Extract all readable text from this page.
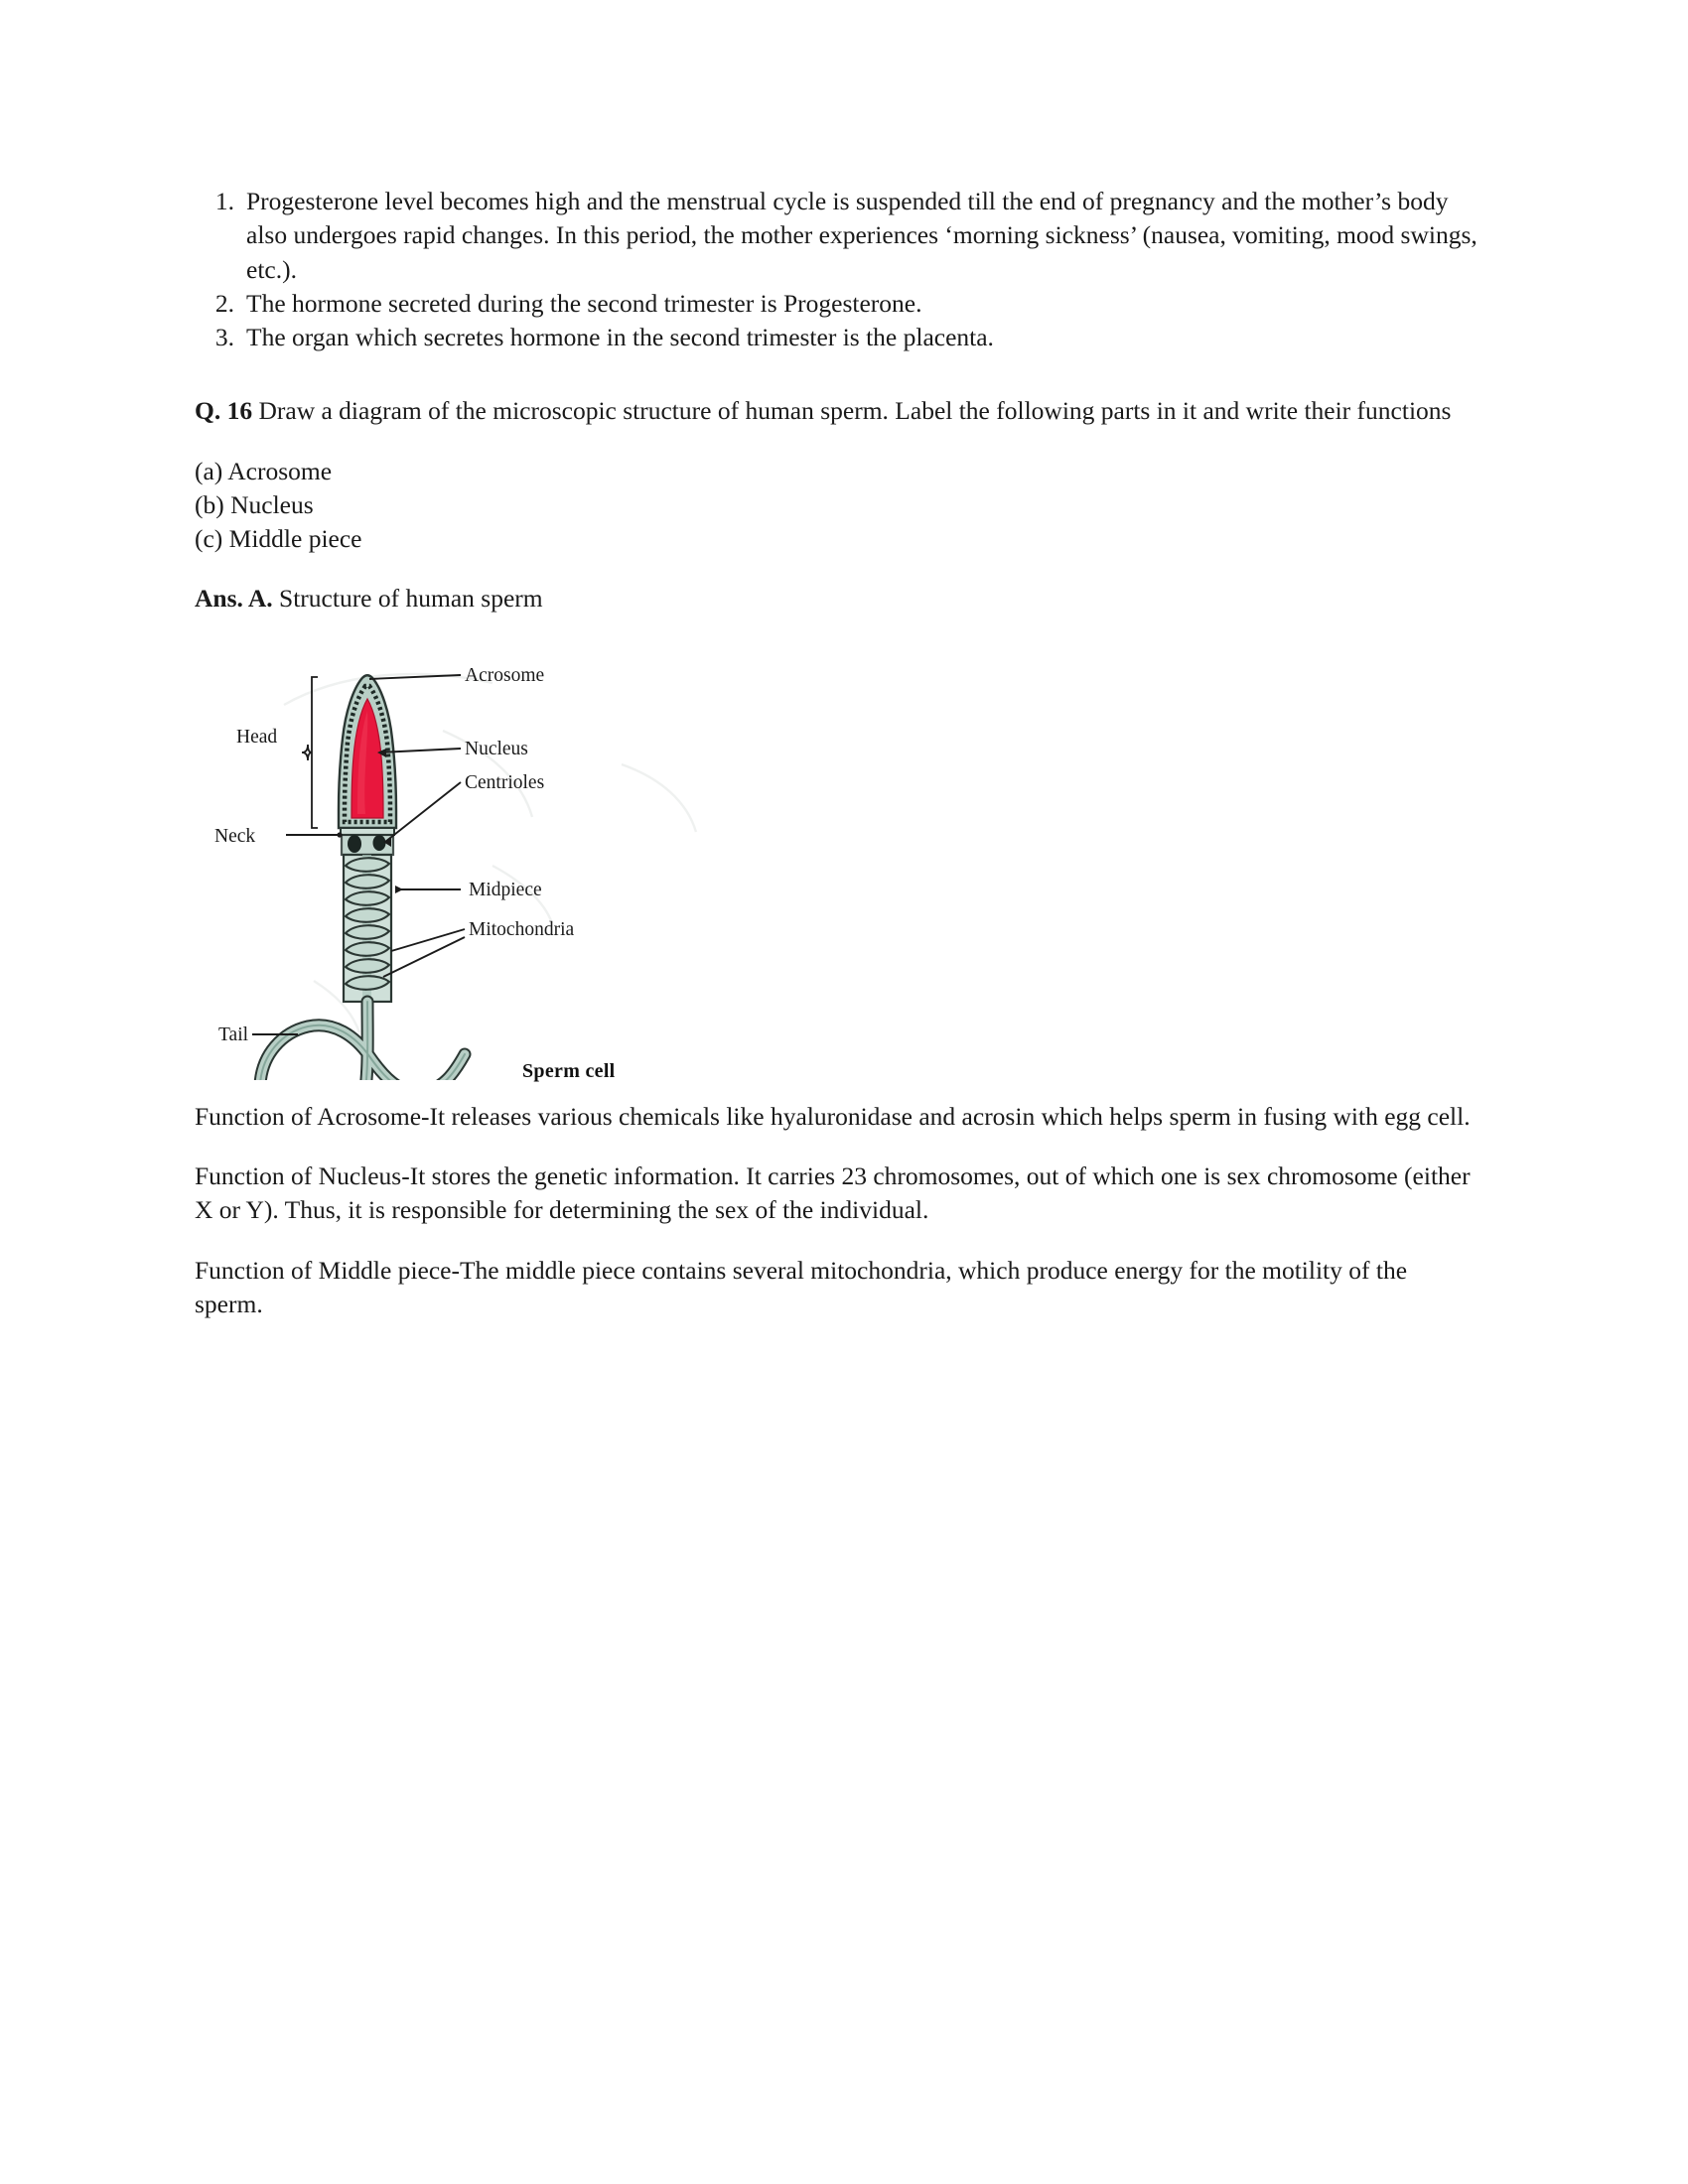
1. Progesterone level becomes high and the menstrual cycle is suspended till the end of pregnancy and the mother’s body also undergoes rapid changes. In this period, the mother experiences ‘morning sickness’ (nausea, vomiting, mood swings, etc.).
2. The hormone secreted during the second trimester is Progesterone.
3. The organ which secretes hormone in the second trimester is the placenta.

Q. 16 Draw a diagram of the microscopic structure of human sperm. Label the following parts in it and write their functions

(a) Acrosome

(b) Nucleus

(c) Middle piece

Ans. A. Structure of human sperm

Acrosome
Nucleus
Centrioles
Midpiece
Mitochondria
Head
Neck
Tail
Sperm cell

Function of Acrosome-It releases various chemicals like hyaluronidase and acrosin which helps sperm in fusing with egg cell.

Function of Nucleus-It stores the genetic information. It carries 23 chromosomes, out of which one is sex chromosome (either X or Y). Thus, it is responsible for determining the sex of the individual.

Function of Middle piece-The middle piece contains several mitochondria, which produce energy for the motility of the sperm.
